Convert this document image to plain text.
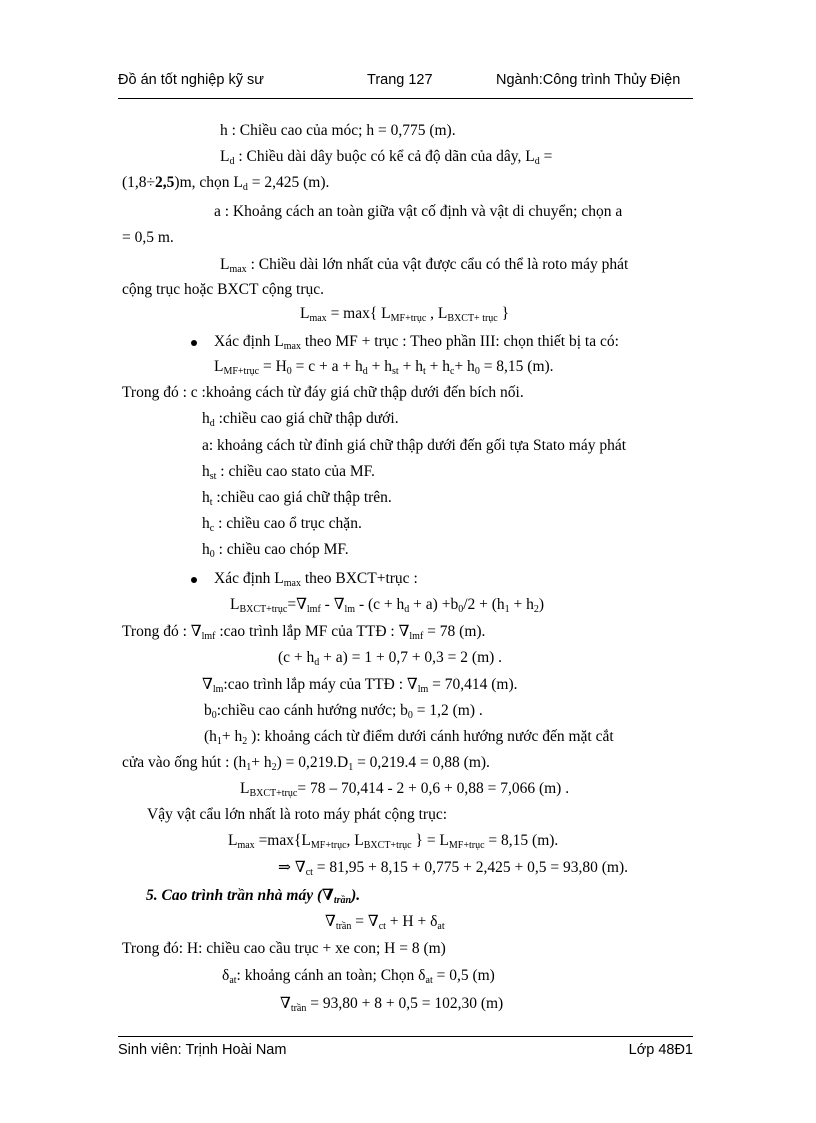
Đồ án tốt nghiệp kỹ sư	Trang 127	Ngành:Công trình Thủy Điện
h : Chiều cao của móc; h = 0,775 (m).
$L_d$ : Chiều dài dây buộc có kể cả độ dãn của dây, $L_d$ =
(1,8÷2,5)m, chọn $L_d = 2,425$ (m).
a : Khoảng cách an toàn giữa vật cố định và vật di chuyển; chọn a
= 0,5 m.
$L_{max}$ : Chiều dài lớn nhất của vật được cẩu có thể là roto máy phát
cộng trục hoặc BXCT cộng trục.
$L_{max} = \max${ $L_{MF+trục}$ , $L_{BXCT+ trục}$ }
Xác định $L_{max}$ theo MF + trục : Theo phần III: chọn thiết bị ta có:
$L_{MF+trục} = H_0 = c + a + h_d + h_{st} + h_t + h_c+ h_0 = 8,15$ (m).
Trong đó : c :khoảng cách từ đáy giá chữ thập dưới đến bích nối.
$h_d$ :chiều cao giá chữ thập dưới.
a: khoảng cách từ đỉnh giá chữ thập dưới đến gối tựa Stato máy phát
$h_{st}$ : chiều cao stato của MF.
$h_t$ :chiều cao giá chữ thập trên.
$h_c$ : chiều cao ổ trục chặn.
$h_0$ : chiều cao chóp MF.
Xác định $L_{max}$ theo BXCT+trục :
$L_{BXCT+trục}=\nabla_{lmf} - \nabla_{lm} - (c + h_d + a) +b_0/2 + (h_1 + h_2)$
Trong đó : $\nabla_{lmf}$ :cao trình lắp MF của TTĐ : $\nabla_{lmf} = 78$ (m).
$(c + h_d + a) = 1 + 0,7 + 0,3 = 2$ (m) .
$\nabla_{lm}:cao$ trình lắp máy của TTĐ : $\nabla_{lm} = 70,414$ (m).
$b_0:chiều$ cao cánh hướng nước; $b_0 = 1,2$ (m) .
($h_1+ h_2$ ): khoảng cách từ điểm dưới cánh hướng nước đến mặt cắt
cửa vào ống hút : $(h_1+ h_2) = 0,219.D_1 = 0,219.4 = 0,88$ (m).
$L_{BXCT+trục}= 78 - 70,414 - 2 + 0,6 + 0,88 = 7,066$ (m) .
Vậy vật cẩu lớn nhất là roto máy phát cộng trục:
$L_{max} =\max\{L_{MF+trục}$, $L_{BXCT+trục}$ } = $L_{MF+trục} = 8,15$ (m).
⇒ $\nabla_{ct} = 81,95 + 8,15 + 0,775 + 2,425 + 0,5 = 93,80$ (m).
5. Cao trình trần nhà máy $(\nabla_{trần})$.
$\nabla_{trần} = \nabla_{ct} + H + \delta_{at}$
Trong đó: H: chiều cao cầu trục + xe con; H = 8 (m)
$\delta_{at}$: khoảng cánh an toàn; Chọn $\delta_{at} = 0,5$ (m)
$\nabla_{trần} = 93,80 + 8 + 0,5 = 102,30$ (m)
Sinh viên: Trịnh Hoài Nam	Lớp 48Đ1
